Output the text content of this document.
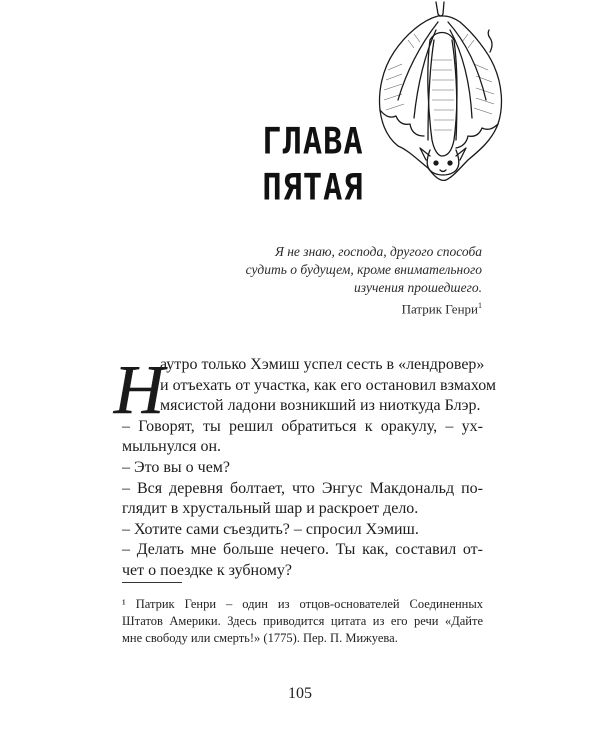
ГЛАВА
ПЯТАЯ
Я не знаю, господа, другого способа
судить о будущем, кроме внимательного
изучения прошедшего.
Патрик Генри$^1$
Н
аутро только Хэмиш успел сесть в «лендровер»
и отъехать от участка, как его остановил взмахом
мясистой ладони возникший из ниоткуда Блэр.
– Говорят, ты решил обратиться к оракулу, – ух-
мыльнулся он.
– Это вы о чем?
– Вся деревня болтает, что Энгус Макдональд по-
глядит в хрустальный шар и раскроет дело.
– Хотите сами съездить? – спросил Хэмиш.
– Делать мне больше нечего. Ты как, составил от-
чет о поездке к зубному?
¹ Патрик Генри – один из отцов-основателей Соединенных
Штатов Америки. Здесь приводится цитата из его речи «Дайте
мне свободу или смерть!» (1775). Пер. П. Мижуева.
105
